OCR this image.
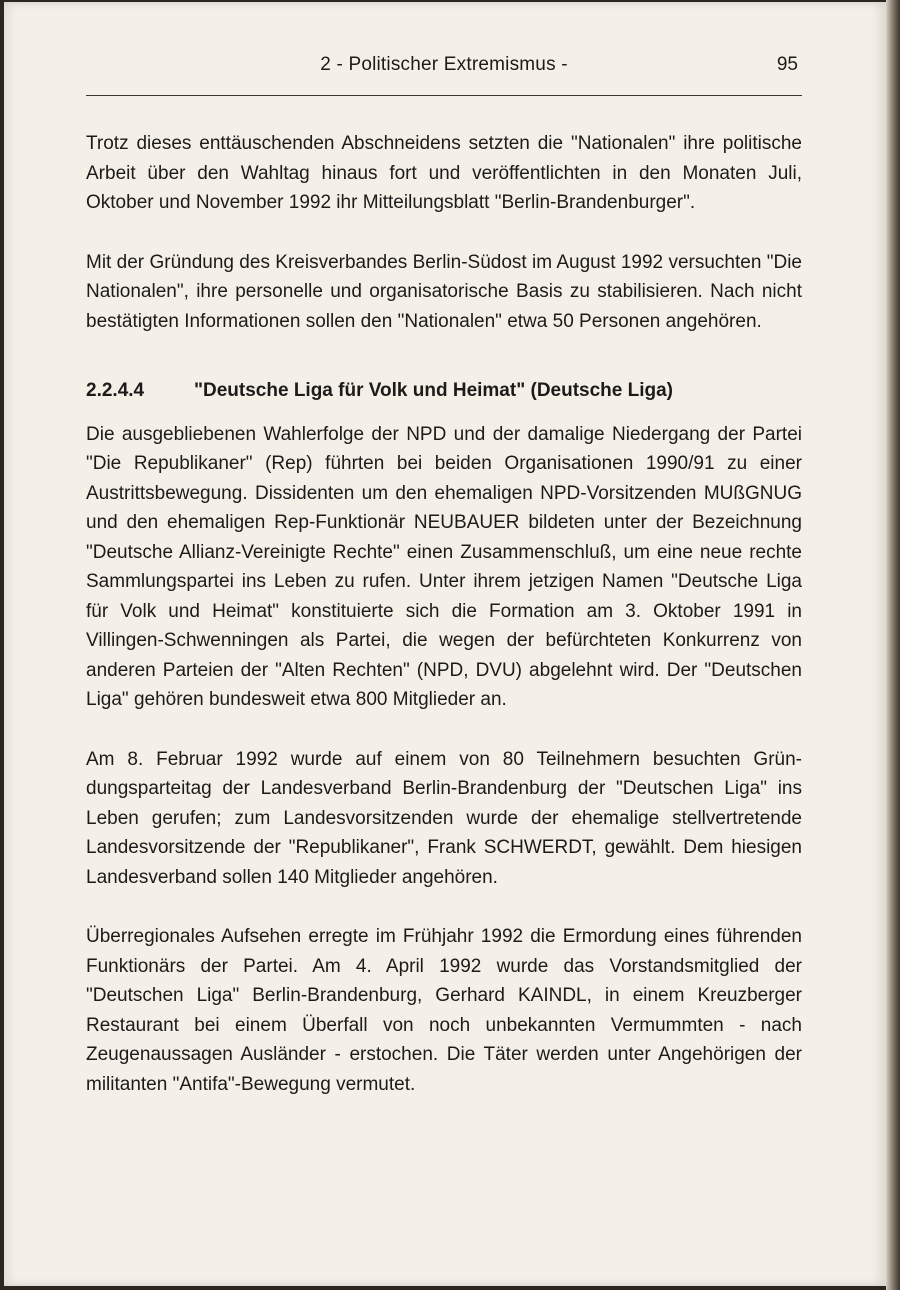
2 - Politischer Extremismus -	95

Trotz dieses enttäuschenden Abschneidens setzten die "Nationalen" ihre politische Arbeit über den Wahltag hinaus fort und veröffentlichten in den Monaten Juli, Oktober und November 1992 ihr Mitteilungsblatt "Berlin-Brandenburger".

Mit der Gründung des Kreisverbandes Berlin-Südost im August 1992 versuchten "Die Nationalen", ihre personelle und organisatorische Basis zu stabilisieren. Nach nicht bestätigten Informationen sollen den "Nationalen" etwa 50 Personen angehören.

2.2.4.4	"Deutsche Liga für Volk und Heimat" (Deutsche Liga)

Die ausgebliebenen Wahlerfolge der NPD und der damalige Niedergang der Partei "Die Republikaner" (Rep) führten bei beiden Organisationen 1990/91 zu einer Austrittsbewegung. Dissidenten um den ehemaligen NPD-Vorsitzenden MUßGNUG und den ehemaligen Rep-Funktionär NEUBAUER bildeten unter der Bezeichnung "Deutsche Allianz-Vereinigte Rechte" einen Zusammenschluß, um eine neue rechte Sammlungspartei ins Leben zu rufen. Unter ihrem jetzigen Namen "Deutsche Liga für Volk und Heimat" konstituierte sich die Formation am 3. Oktober 1991 in Villingen-Schwenningen als Partei, die wegen der befürchteten Konkurrenz von anderen Parteien der "Alten Rechten" (NPD, DVU) abgelehnt wird. Der "Deutschen Liga" gehören bundesweit etwa 800 Mitglieder an.

Am 8. Februar 1992 wurde auf einem von 80 Teilnehmern besuchten Gründungsparteitag der Landesverband Berlin-Brandenburg der "Deutschen Liga" ins Leben gerufen; zum Landesvorsitzenden wurde der ehemalige stellvertretende Landesvorsitzende der "Republikaner", Frank SCHWERDT, gewählt. Dem hiesigen Landesverband sollen 140 Mitglieder angehören.

Überregionales Aufsehen erregte im Frühjahr 1992 die Ermordung eines führenden Funktionärs der Partei. Am 4. April 1992 wurde das Vorstandsmitglied der "Deutschen Liga" Berlin-Brandenburg, Gerhard KAINDL, in einem Kreuzberger Restaurant bei einem Überfall von noch unbekannten Vermummten - nach Zeugenaussagen Ausländer - erstochen. Die Täter werden unter Angehörigen der militanten "Antifa"-Bewegung vermutet.
